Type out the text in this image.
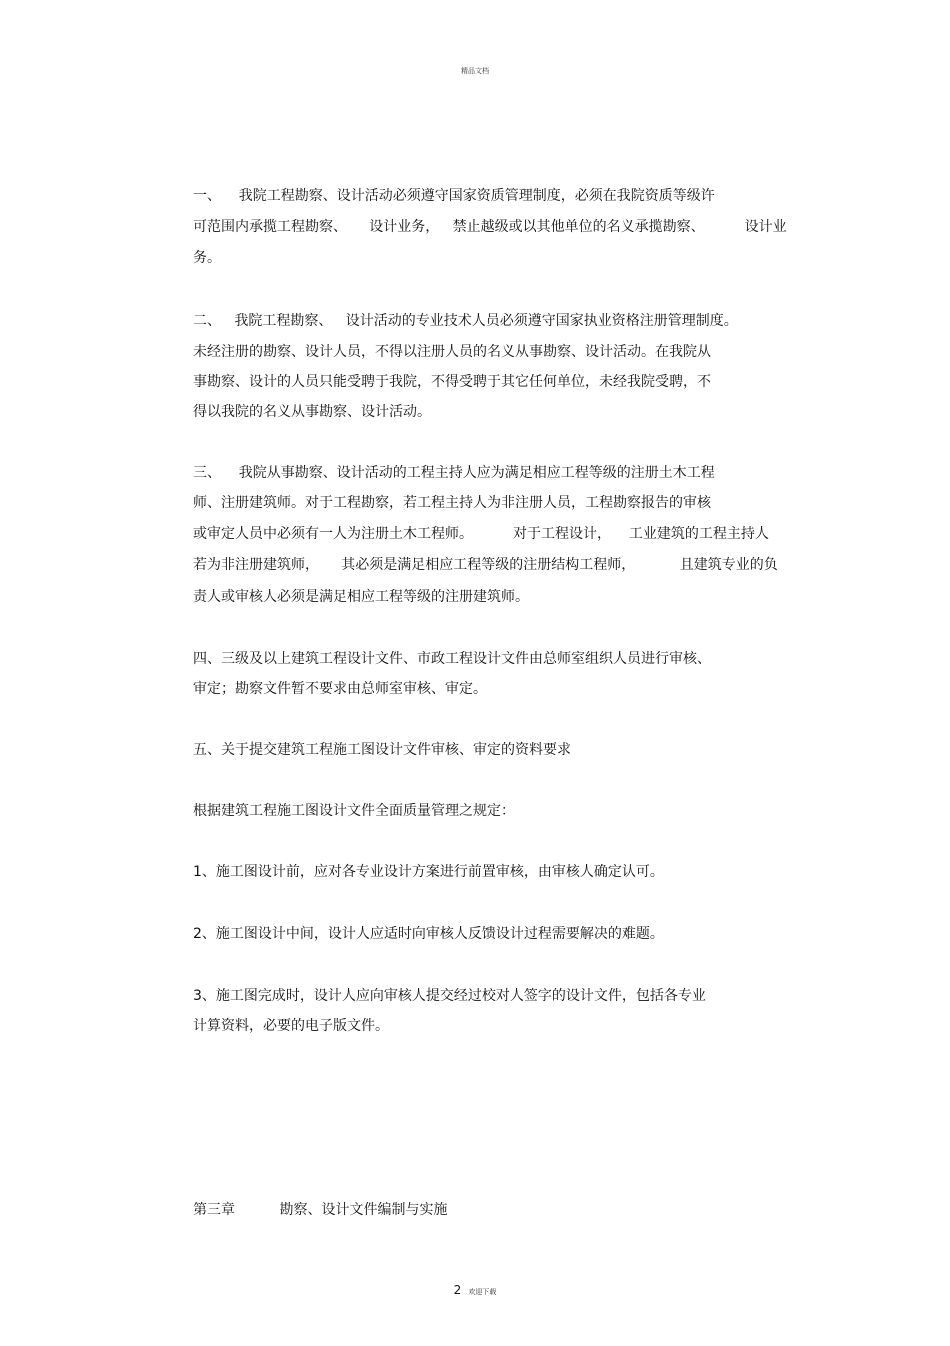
精品文档
一、    我院工程勘察、设计活动必须遵守国家资质管理制度，必须在我院资质等级许
可范围内承揽工程勘察、     设计业务，   禁止越级或以其他单位的名义承揽勘察、         设计业
务。
二、   我院工程勘察、   设计活动的专业技术人员必须遵守国家执业资格注册管理制度。
未经注册的勘察、设计人员，不得以注册人员的名义从事勘察、设计活动。在我院从
事勘察、设计的人员只能受聘于我院，不得受聘于其它任何单位，未经我院受聘，不
得以我院的名义从事勘察、设计活动。
三、    我院从事勘察、设计活动的工程主持人应为满足相应工程等级的注册土木工程
师、注册建筑师。对于工程勘察，若工程主持人为非注册人员，工程勘察报告的审核
或审定人员中必须有一人为注册土木工程师。         对于工程设计，    工业建筑的工程主持人
若为非注册建筑师，     其必须是满足相应工程等级的注册结构工程师，          且建筑专业的负
责人或审核人必须是满足相应工程等级的注册建筑师。
四、三级及以上建筑工程设计文件、市政工程设计文件由总师室组织人员进行审核、
审定；勘察文件暂不要求由总师室审核、审定。
五、关于提交建筑工程施工图设计文件审核、审定的资料要求
根据建筑工程施工图设计文件全面质量管理之规定：
1、施工图设计前，应对各专业设计方案进行前置审核，由审核人确定认可。
2、施工图设计中间，设计人应适时向审核人反馈设计过程需要解决的难题。
3、施工图完成时，设计人应向审核人提交经过校对人签字的设计文件，包括各专业
计算资料，必要的电子版文件。
第三章          勘察、设计文件编制与实施
2 欢迎下载
